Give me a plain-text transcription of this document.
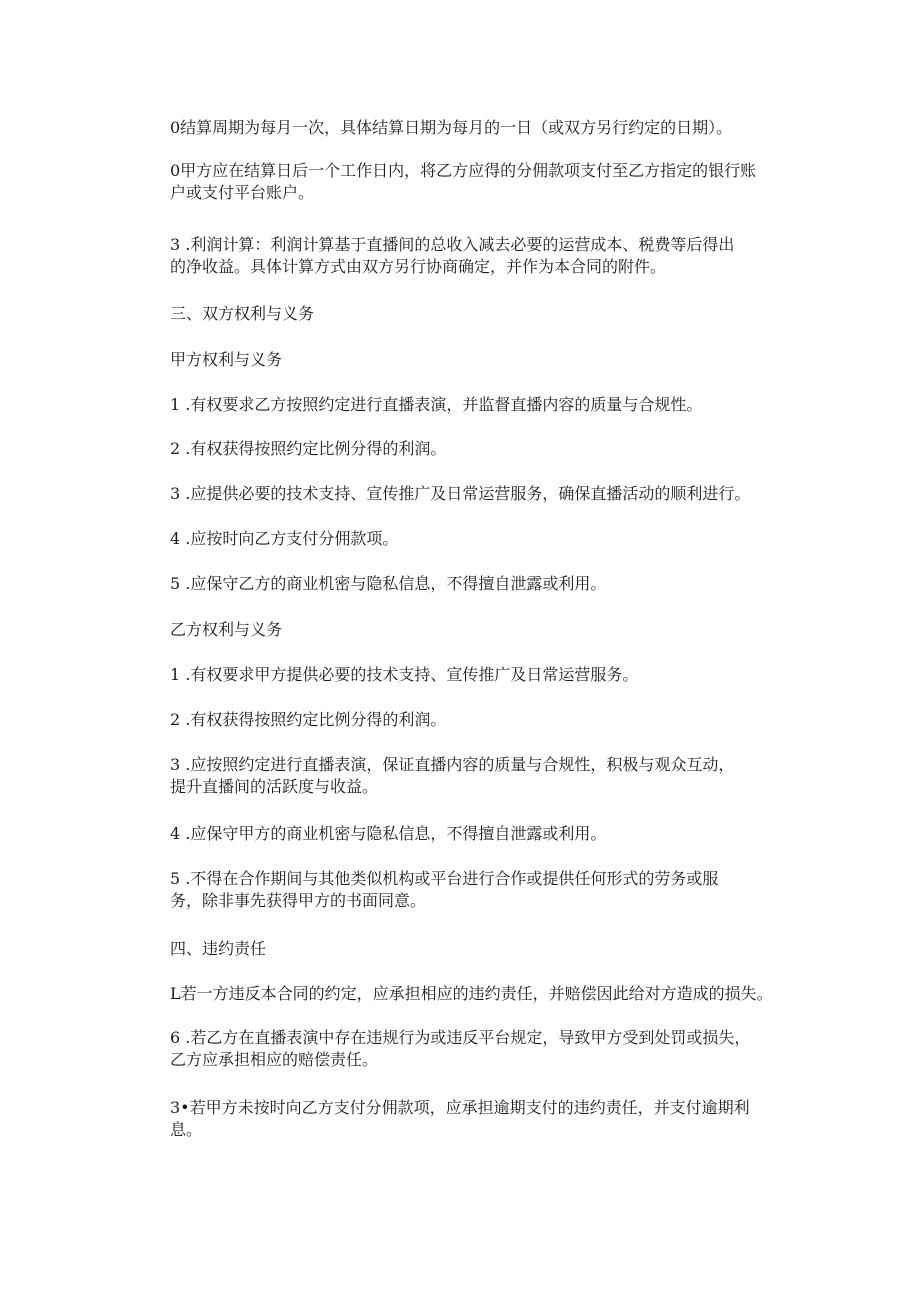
0结算周期为每月一次，具体结算日期为每月的一日（或双方另行约定的日期）。

0甲方应在结算日后一个工作日内，将乙方应得的分佣款项支付至乙方指定的银行账
户或支付平台账户。

3 .利润计算：利润计算基于直播间的总收入减去必要的运营成本、税费等后得出
的净收益。具体计算方式由双方另行协商确定，并作为本合同的附件。

三、双方权利与义务

甲方权利与义务

1 .有权要求乙方按照约定进行直播表演，并监督直播内容的质量与合规性。

2 .有权获得按照约定比例分得的利润。

3 .应提供必要的技术支持、宣传推广及日常运营服务，确保直播活动的顺利进行。

4 .应按时向乙方支付分佣款项。

5 .应保守乙方的商业机密与隐私信息，不得擅自泄露或利用。

乙方权利与义务

1 .有权要求甲方提供必要的技术支持、宣传推广及日常运营服务。

2 .有权获得按照约定比例分得的利润。

3 .应按照约定进行直播表演，保证直播内容的质量与合规性，积极与观众互动，
提升直播间的活跃度与收益。

4 .应保守甲方的商业机密与隐私信息，不得擅自泄露或利用。

5 .不得在合作期间与其他类似机构或平台进行合作或提供任何形式的劳务或服
务，除非事先获得甲方的书面同意。

四、违约责任

L若一方违反本合同的约定，应承担相应的违约责任，并赔偿因此给对方造成的损失。

6 .若乙方在直播表演中存在违规行为或违反平台规定，导致甲方受到处罚或损失，
乙方应承担相应的赔偿责任。

3•若甲方未按时向乙方支付分佣款项，应承担逾期支付的违约责任，并支付逾期利
息。
